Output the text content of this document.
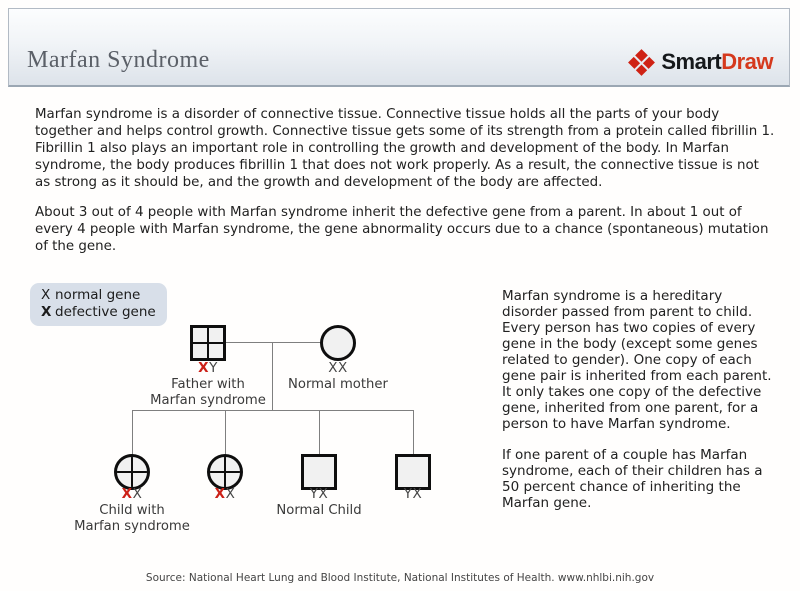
Marfan Syndrome	SmartDraw

Marfan syndrome is a disorder of connective tissue. Connective tissue holds all the parts of your body together and helps control growth. Connective tissue gets some of its strength from a protein called fibrillin 1. Fibrillin 1 also plays an important role in controlling the growth and development of the body. In Marfan syndrome, the body produces fibrillin 1 that does not work properly. As a result, the connective tissue is not as strong as it should be, and the growth and development of the body are affected.

About 3 out of 4 people with Marfan syndrome inherit the defective gene from a parent. In about 1 out of every 4 people with Marfan syndrome, the gene abnormality occurs due to a chance (spontaneous) mutation of the gene.

X normal gene
X defective gene
XY
Father with
Marfan syndrome
XX
Normal mother
XX
Child with
Marfan syndrome
XX	YX
Normal Child
YX

Marfan syndrome is a hereditary disorder passed from parent to child. Every person has two copies of every gene in the body (except some genes related to gender). One copy of each gene pair is inherited from each parent. It only takes one copy of the defective gene, inherited from one parent, for a person to have Marfan syndrome.

If one parent of a couple has Marfan syndrome, each of their children has a 50 percent chance of inheriting the Marfan gene.

Source: National Heart Lung and Blood Institute, National Institutes of Health. www.nhlbi.nih.gov
